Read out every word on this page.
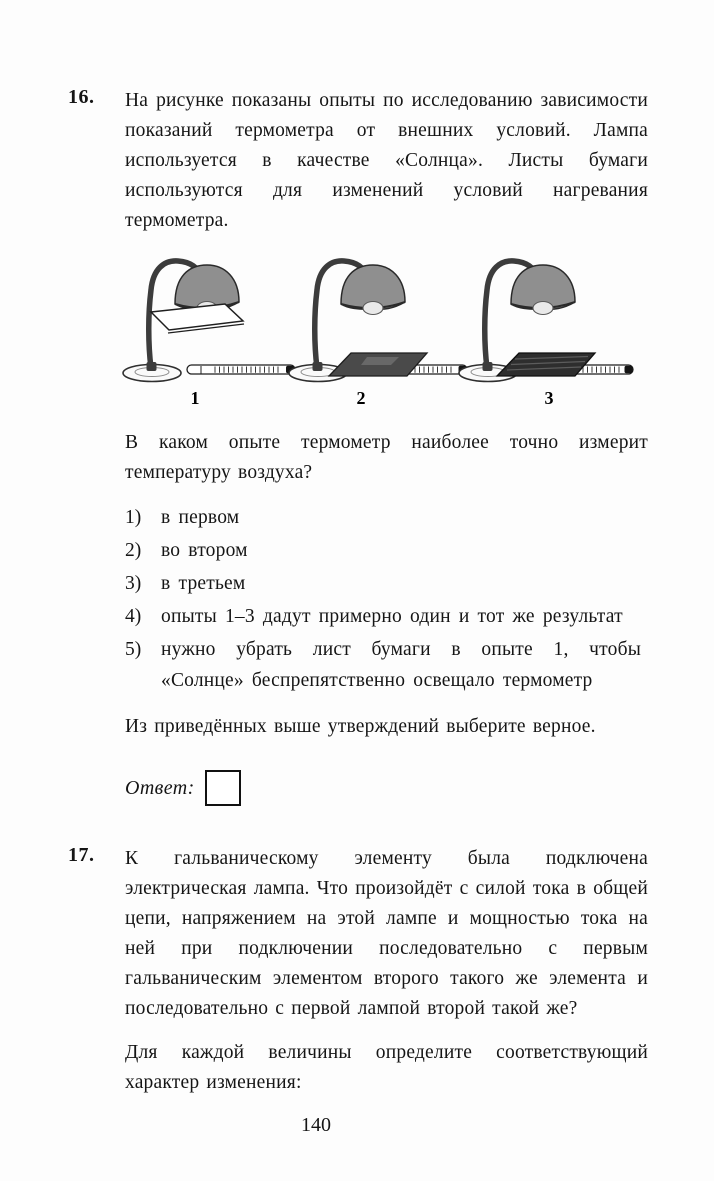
16.	На рисунке показаны опыты по исследованию зависимости показаний термометра от внешних условий. Лампа используется в качестве «Солнца». Листы бумаги используются для изменений условий нагревания термометра.

1	2	3

В каком опыте термометр наиболее точно измерит температуру воздуха?

1)	в первом
2)	во втором
3)	в третьем
4)	опыты 1–3 дадут примерно один и тот же результат
5)	нужно убрать лист бумаги в опыте 1, чтобы «Солнце» беспрепятственно освещало термометр

Из приведённых выше утверждений выберите верное.

Ответ:
17.	К гальваническому элементу была подключена электрическая лампа. Что произойдёт с силой тока в общей цепи, напряжением на этой лампе и мощностью тока на ней при подключении последовательно с первым гальваническим элементом второго такого же элемента и последовательно с первой лампой второй такой же?

Для каждой величины определите соответствующий характер изменения:

140
